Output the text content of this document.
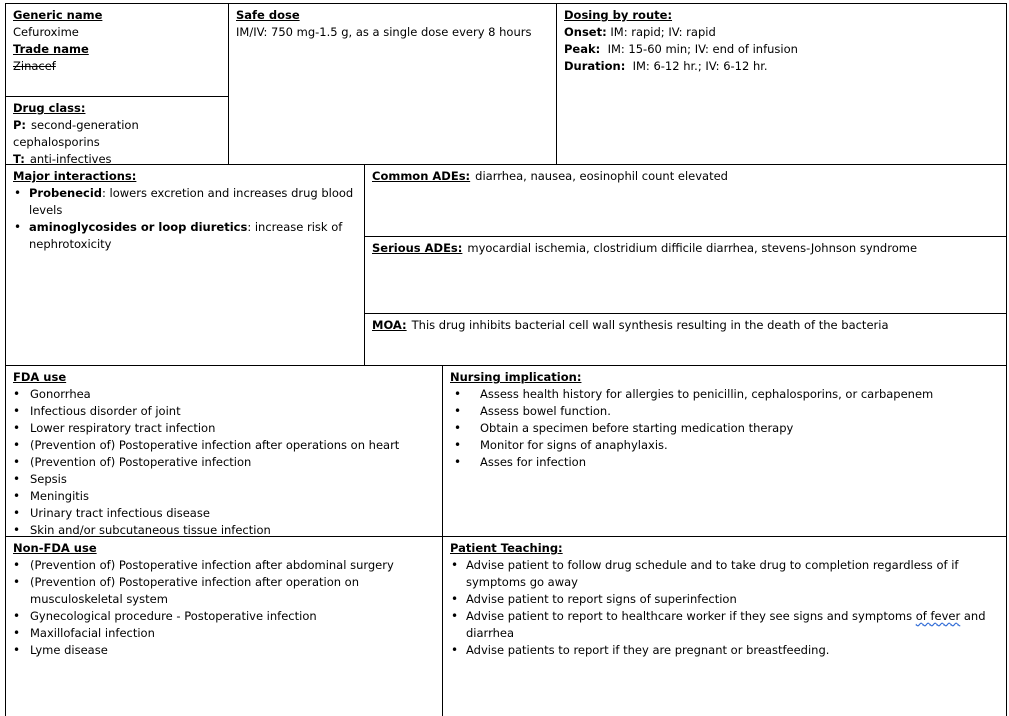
Generic name
Cefuroxime
Trade name
Zinacef
Drug class:
P: second-generation cephalosporins
T: anti-infectives
Safe dose
IM/IV: 750 mg-1.5 g, as a single dose every 8 hours
Dosing by route:
Onset: IM: rapid; IV: rapid
Peak: IM: 15-60 min; IV: end of infusion
Duration: IM: 6-12 hr.; IV: 6-12 hr.
Major interactions:
• Probenecid: lowers excretion and increases drug blood levels
• aminoglycosides or loop diuretics: increase risk of nephrotoxicity
Common ADEs: diarrhea, nausea, eosinophil count elevated
Serious ADEs: myocardial ischemia, clostridium difficile diarrhea, stevens-Johnson syndrome
MOA: This drug inhibits bacterial cell wall synthesis resulting in the death of the bacteria
FDA use
• Gonorrhea
• Infectious disorder of joint
• Lower respiratory tract infection
• (Prevention of) Postoperative infection after operations on heart
• (Prevention of) Postoperative infection
• Sepsis
• Meningitis
• Urinary tract infectious disease
• Skin and/or subcutaneous tissue infection
Nursing implication:
• Assess health history for allergies to penicillin, cephalosporins, or carbapenem
• Assess bowel function.
• Obtain a specimen before starting medication therapy
• Monitor for signs of anaphylaxis.
• Asses for infection
Non-FDA use
• (Prevention of) Postoperative infection after abdominal surgery
• (Prevention of) Postoperative infection after operation on musculoskeletal system
• Gynecological procedure - Postoperative infection
• Maxillofacial infection
• Lyme disease
Patient Teaching:
• Advise patient to follow drug schedule and to take drug to completion regardless of if symptoms go away
• Advise patient to report signs of superinfection
• Advise patient to report to healthcare worker if they see signs and symptoms of fever and diarrhea
• Advise patients to report if they are pregnant or breastfeeding.
